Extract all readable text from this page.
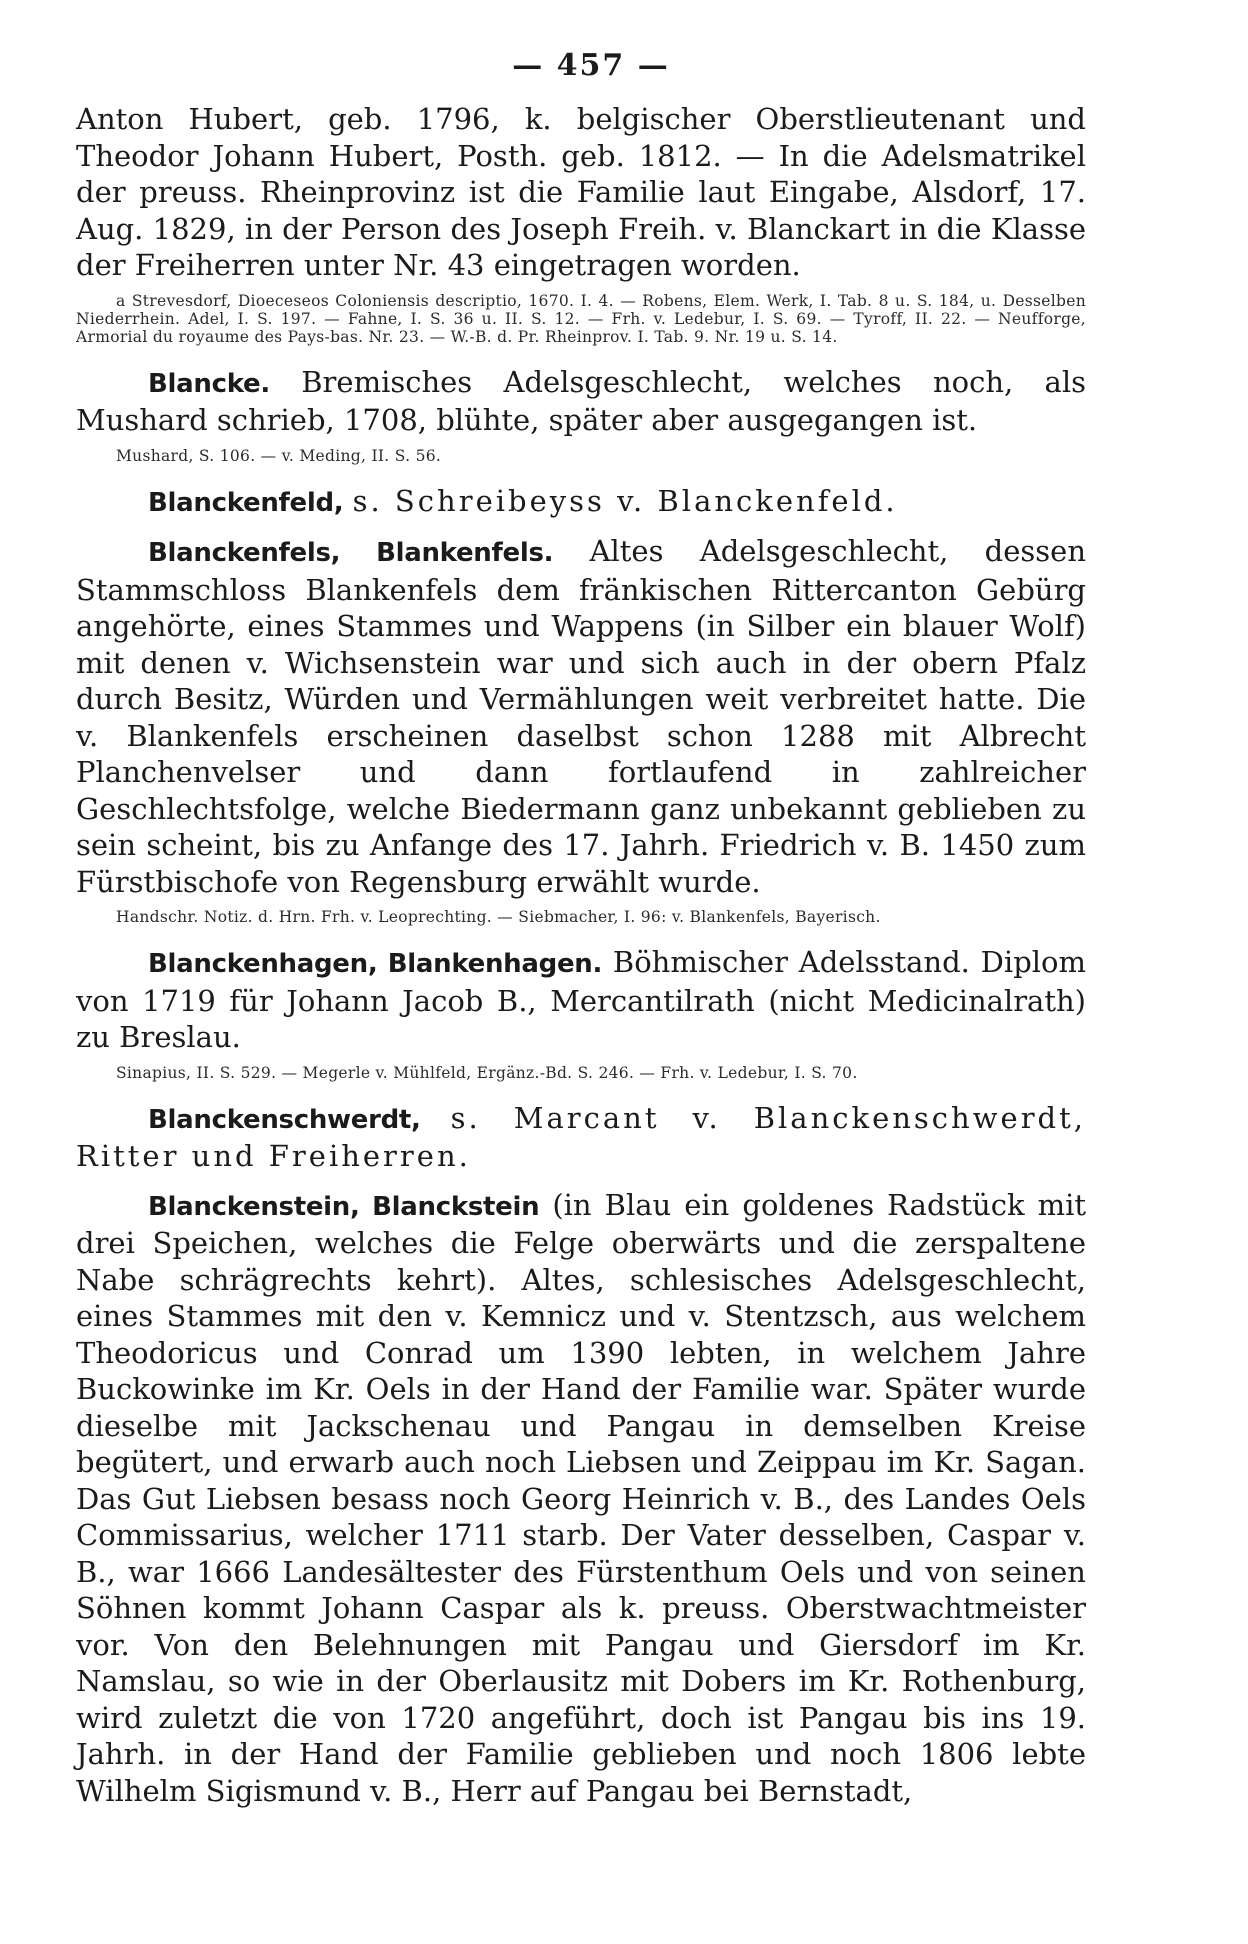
— 457 —

Anton Hubert, geb. 1796, k. belgischer Oberstlieutenant und Theodor Johann Hubert, Posth. geb. 1812. — In die Adelsmatrikel der preuss. Rheinprovinz ist die Familie laut Eingabe, Alsdorf, 17. Aug. 1829, in der Person des Joseph Freih. v. Blanckart in die Klasse der Freiherren unter Nr. 43 eingetragen worden.

a Strevesdorf, Dioeceseos Coloniensis descriptio, 1670. I. 4. — Robens, Elem. Werk, I. Tab. 8 u. S. 184, u. Desselben Niederrhein. Adel, I. S. 197. — Fahne, I. S. 36 u. II. S. 12. — Frh. v. Ledebur, I. S. 69. — Tyroff, II. 22. — Neufforge, Armorial du royaume des Pays-bas. Nr. 23. — W.-B. d. Pr. Rheinprov. I. Tab. 9. Nr. 19 u. S. 14.

Blancke. Bremisches Adelsgeschlecht, welches noch, als Mushard schrieb, 1708, blühte, später aber ausgegangen ist.

Mushard, S. 106. — v. Meding, II. S. 56.

Blanckenfeld, s. Schreibeyss v. Blanckenfeld.

Blanckenfels, Blankenfels. Altes Adelsgeschlecht, dessen Stammschloss Blankenfels dem fränkischen Rittercanton Gebürg angehörte, eines Stammes und Wappens (in Silber ein blauer Wolf) mit denen v. Wichsenstein war und sich auch in der obern Pfalz durch Besitz, Würden und Vermählungen weit verbreitet hatte. Die v. Blankenfels erscheinen daselbst schon 1288 mit Albrecht Planchenvelser und dann fortlaufend in zahlreicher Geschlechtsfolge, welche Biedermann ganz unbekannt geblieben zu sein scheint, bis zu Anfange des 17. Jahrh. Friedrich v. B. 1450 zum Fürstbischofe von Regensburg erwählt wurde.

Handschr. Notiz. d. Hrn. Frh. v. Leoprechting. — Siebmacher, I. 96: v. Blankenfels, Bayerisch.

Blanckenhagen, Blankenhagen. Böhmischer Adelsstand. Diplom von 1719 für Johann Jacob B., Mercantilrath (nicht Medicinalrath) zu Breslau.

Sinapius, II. S. 529. — Megerle v. Mühlfeld, Ergänz.-Bd. S. 246. — Frh. v. Ledebur, I. S. 70.

Blanckenschwerdt, s. Marcant v. Blanckenschwerdt, Ritter und Freiherren.

Blanckenstein, Blanckstein (in Blau ein goldenes Radstück mit drei Speichen, welches die Felge oberwärts und die zerspaltene Nabe schrägrechts kehrt). Altes, schlesisches Adelsgeschlecht, eines Stammes mit den v. Kemnicz und v. Stentzsch, aus welchem Theodoricus und Conrad um 1390 lebten, in welchem Jahre Buckowinke im Kr. Oels in der Hand der Familie war. Später wurde dieselbe mit Jackschenau und Pangau in demselben Kreise begütert, und erwarb auch noch Liebsen und Zeippau im Kr. Sagan. Das Gut Liebsen besass noch Georg Heinrich v. B., des Landes Oels Commissarius, welcher 1711 starb. Der Vater desselben, Caspar v. B., war 1666 Landesältester des Fürstenthum Oels und von seinen Söhnen kommt Johann Caspar als k. preuss. Oberstwachtmeister vor. Von den Belehnungen mit Pangau und Giersdorf im Kr. Namslau, so wie in der Oberlausitz mit Dobers im Kr. Rothenburg, wird zuletzt die von 1720 angeführt, doch ist Pangau bis ins 19. Jahrh. in der Hand der Familie geblieben und noch 1806 lebte Wilhelm Sigismund v. B., Herr auf Pangau bei Bernstadt,
